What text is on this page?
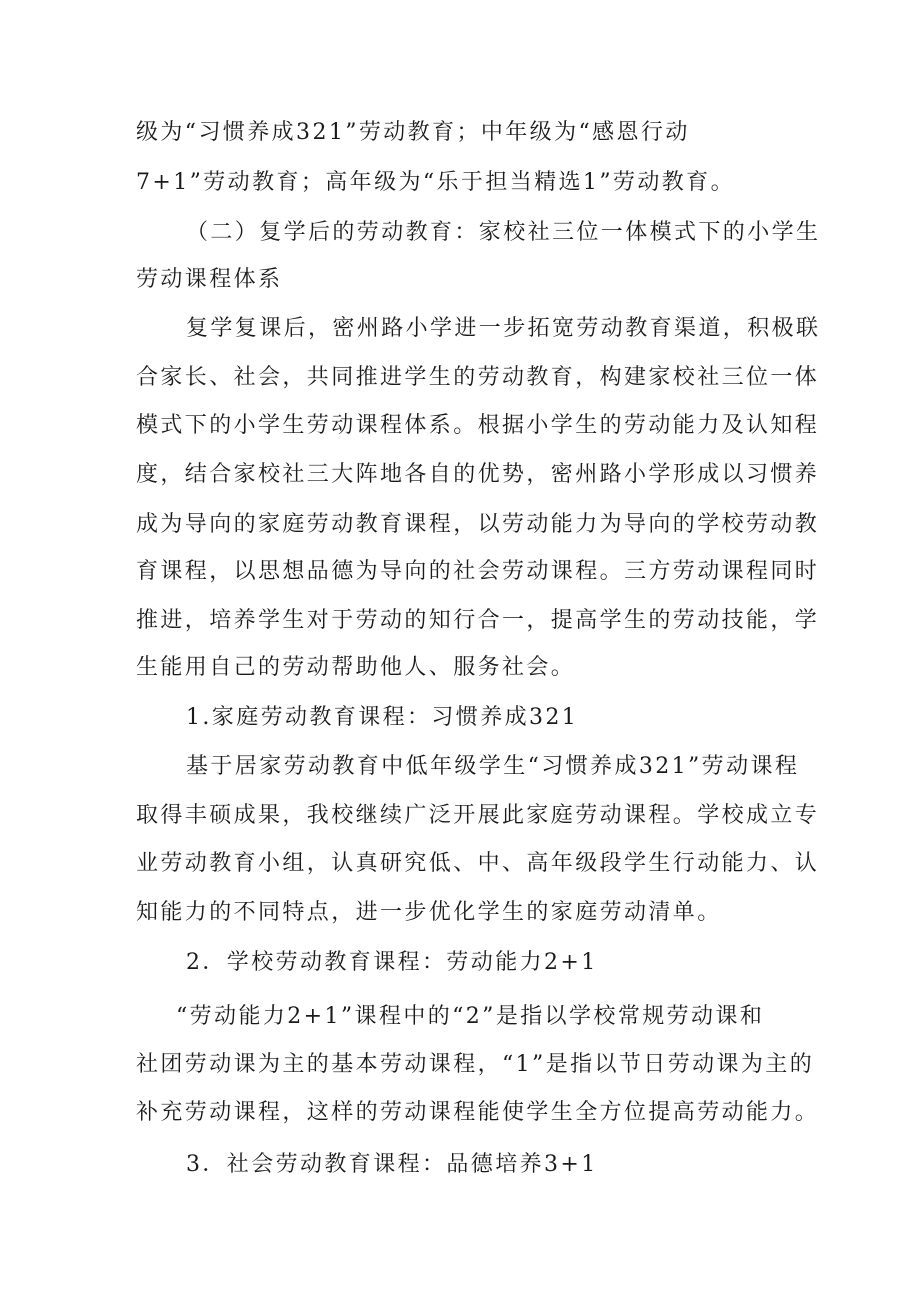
级为“习惯养成321”劳动教育；中年级为“感恩行动
7+1”劳动教育；高年级为“乐于担当精选1”劳动教育。
（二）复学后的劳动教育：家校社三位一体模式下的小学生
劳动课程体系
复学复课后，密州路小学进一步拓宽劳动教育渠道，积极联
合家长、社会，共同推进学生的劳动教育，构建家校社三位一体
模式下的小学生劳动课程体系。根据小学生的劳动能力及认知程
度，结合家校社三大阵地各自的优势，密州路小学形成以习惯养
成为导向的家庭劳动教育课程，以劳动能力为导向的学校劳动教
育课程，以思想品德为导向的社会劳动课程。三方劳动课程同时
推进，培养学生对于劳动的知行合一，提高学生的劳动技能，学
生能用自己的劳动帮助他人、服务社会。
1.家庭劳动教育课程：习惯养成321
基于居家劳动教育中低年级学生“习惯养成321”劳动课程
取得丰硕成果，我校继续广泛开展此家庭劳动课程。学校成立专
业劳动教育小组，认真研究低、中、高年级段学生行动能力、认
知能力的不同特点，进一步优化学生的家庭劳动清单。
2．学校劳动教育课程：劳动能力2+1
“劳动能力2+1”课程中的“2”是指以学校常规劳动课和
社团劳动课为主的基本劳动课程，“1”是指以节日劳动课为主的
补充劳动课程，这样的劳动课程能使学生全方位提高劳动能力。
3．社会劳动教育课程：品德培养3+1
